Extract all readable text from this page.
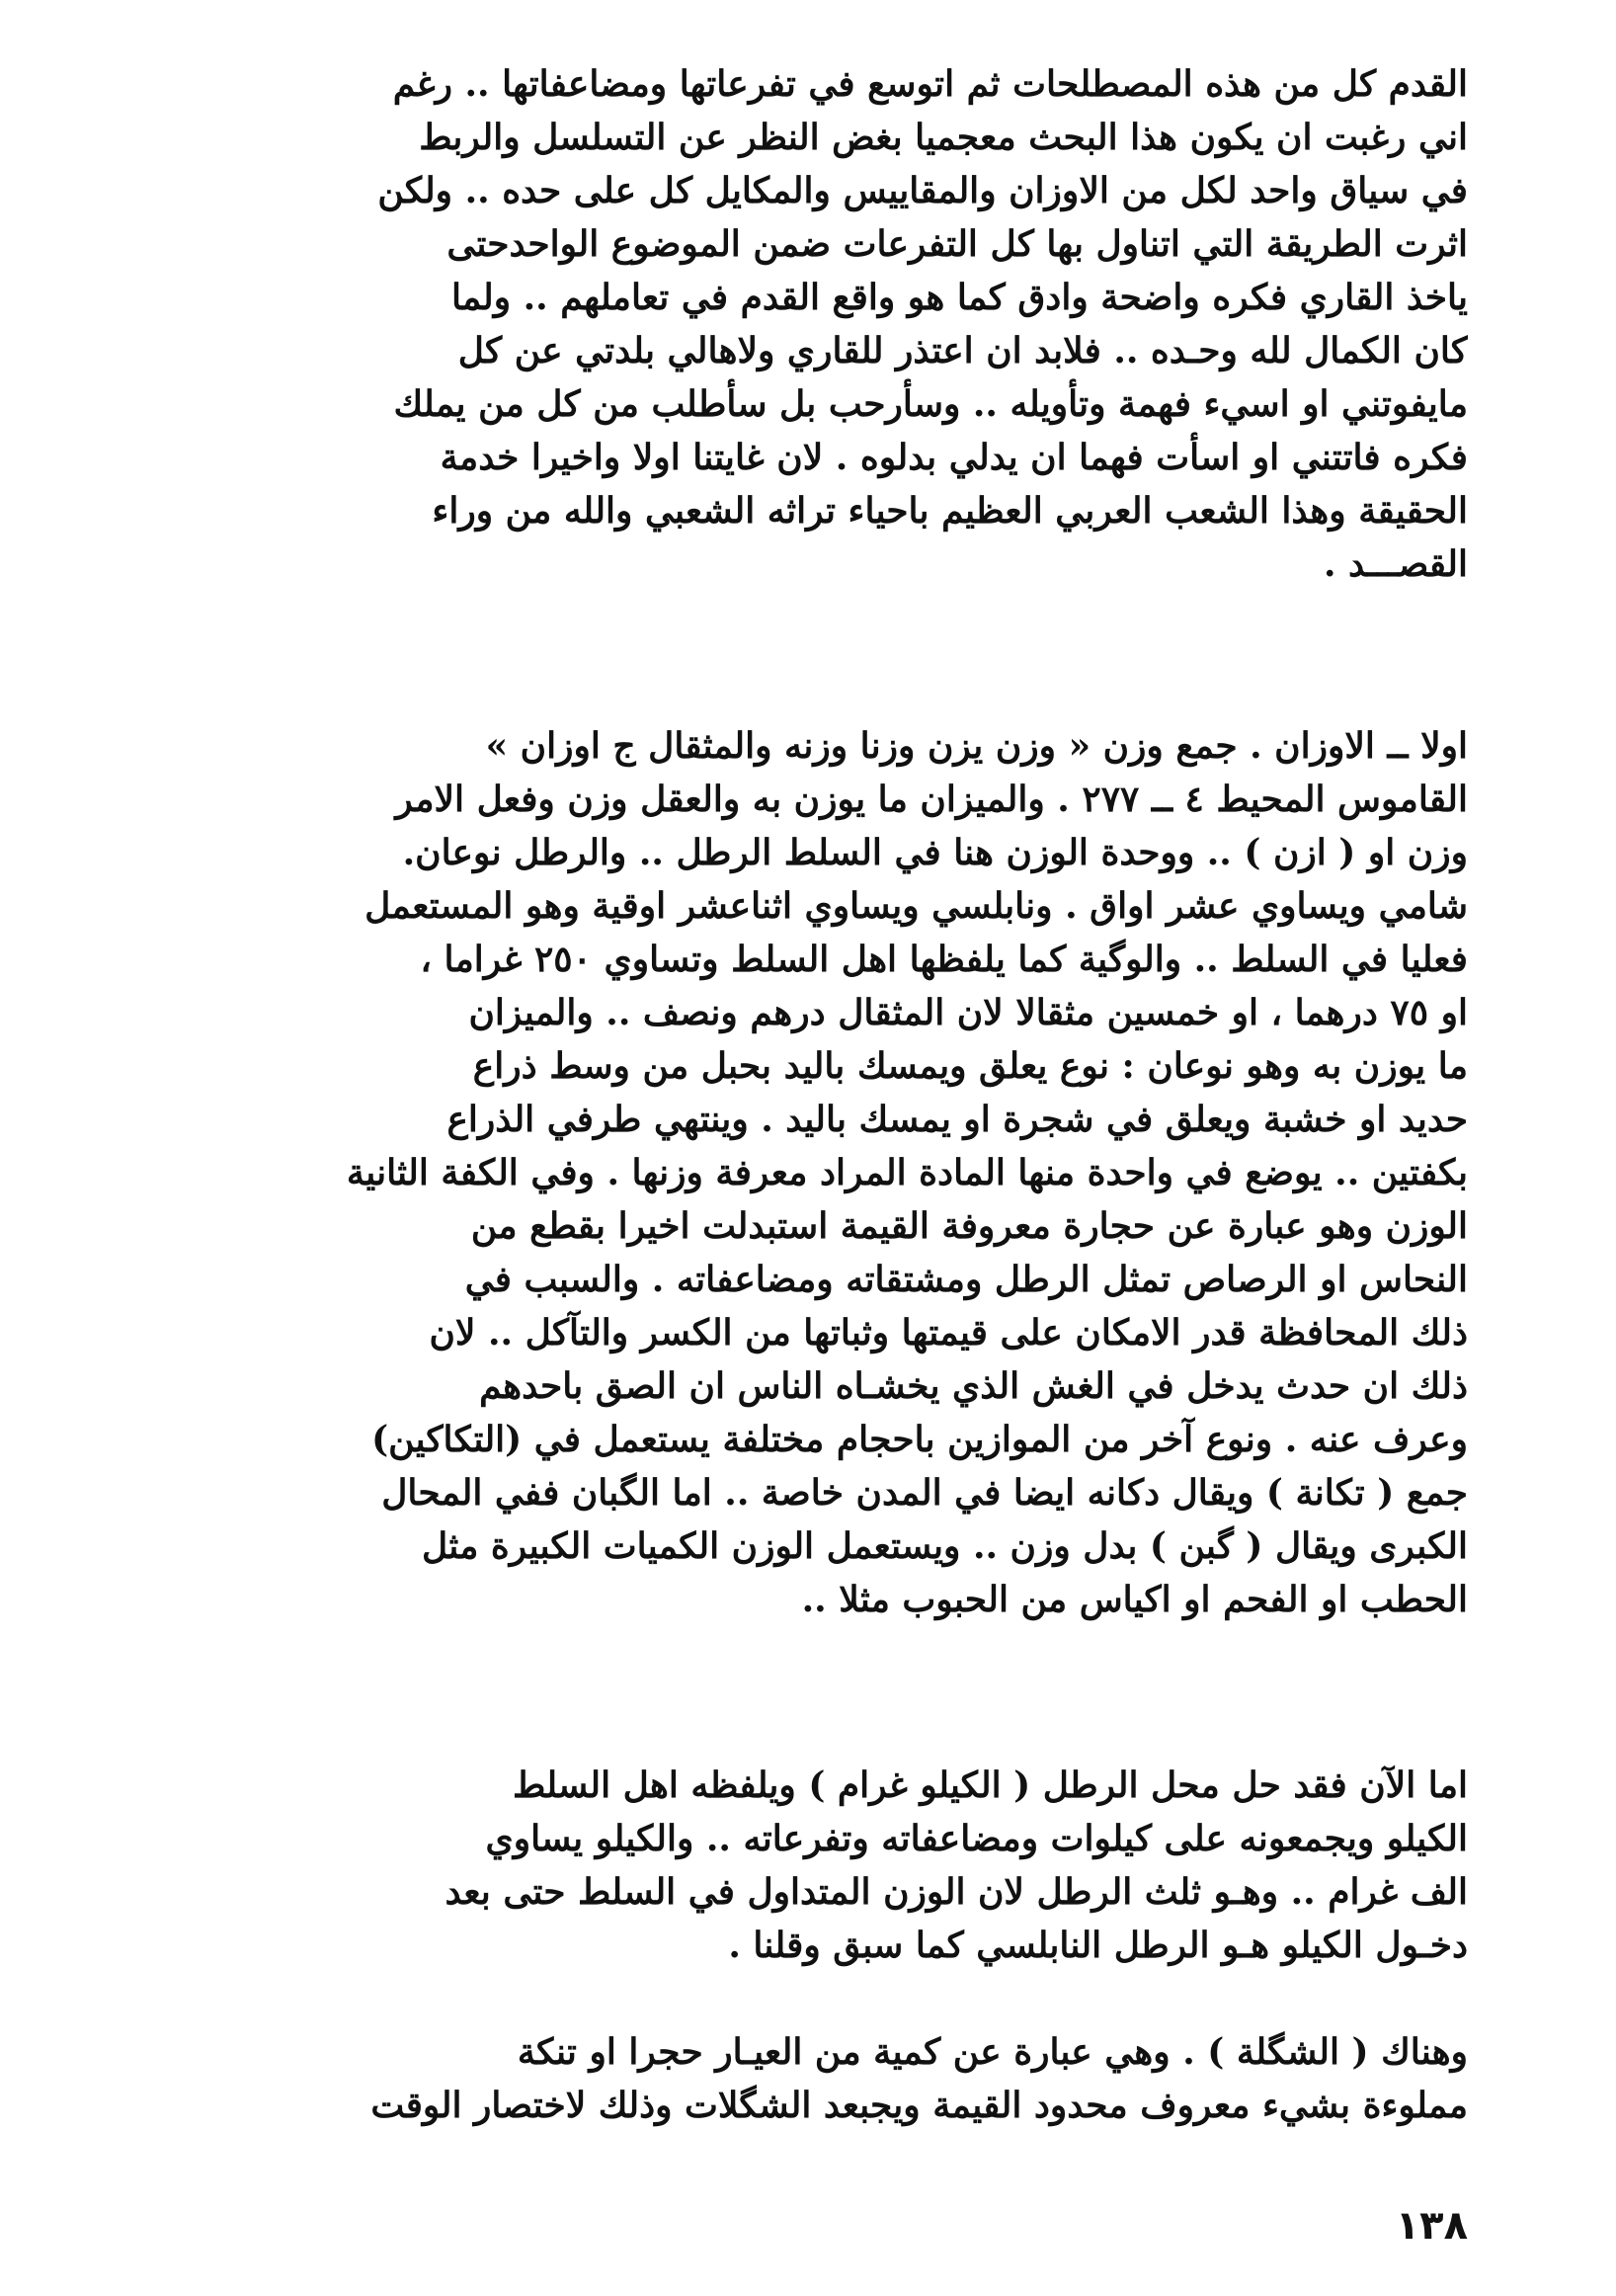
القدم كل من هذه المصطلحات ثم اتوسع في تفرعاتها ومضاعفاتها .. رغم
اني رغبت ان يكون هذا البحث معجميا بغض النظر عن التسلسل والربط
في سياق واحد لكل من الاوزان والمقاييس والمكايل كل على حده .. ولكن
اثرت الطريقة التي اتناول بها كل التفرعات ضمن الموضوع الواحدحتى
ياخذ القاري فكره واضحة وادق كما هو واقع القدم في تعاملهم .. ولما
كان الكمال لله وحـده .. فلابد ان اعتذر للقاري ولاهالي بلدتي عن كل
مايفوتني او اسيء فهمة وتأويله .. وسأرحب بل سأطلب من كل من يملك
فكره فاتتني او اسأت فهما ان يدلي بدلوه . لان غايتنا اولا واخيرا خدمة
الحقيقة وهذا الشعب العربي العظيم باحياء تراثه الشعبي والله من وراء
القصـــد .
اولا ــ الاوزان . جمع وزن « وزن يزن وزنا وزنه والمثقال ج اوزان »
القاموس المحيط ٤ ــ ٢٧٧ . والميزان ما يوزن به والعقل وزن وفعل الامر
وزن او ( ازن ) .. ووحدة الوزن هنا في السلط الرطل .. والرطل نوعان.
شامي ويساوي عشر اواق . ونابلسي ويساوي اثناعشر اوقية وهو المستعمل
فعليا في السلط .. والوگية كما يلفظها اهل السلط وتساوي ٢٥٠ غراما ،
او ٧٥ درهما ، او خمسين مثقالا لان المثقال درهم ونصف .. والميزان
ما يوزن به وهو نوعان : نوع يعلق ويمسك باليد بحبل من وسط ذراع
حديد او خشبة ويعلق في شجرة او يمسك باليد . وينتهي طرفي الذراع
بكفتين .. يوضع في واحدة منها المادة المراد معرفة وزنها . وفي الكفة الثانية
الوزن وهو عبارة عن حجارة معروفة القيمة استبدلت اخيرا بقطع من
النحاس او الرصاص تمثل الرطل ومشتقاته ومضاعفاته . والسبب في
ذلك المحافظة قدر الامكان على قيمتها وثباتها من الكسر والتآكل .. لان
ذلك ان حدث يدخل في الغش الذي يخشـاه الناس ان الصق باحدهم
وعرف عنه . ونوع آخر من الموازين باحجام مختلفة يستعمل في (التكاكين)
جمع ( تكانة ) ويقال دكانه ايضا في المدن خاصة .. اما الگبان ففي المحال
الكبرى ويقال ( گبن ) بدل وزن .. ويستعمل الوزن الكميات الكبيرة مثل
الحطب او الفحم او اكياس من الحبوب مثلا ..
اما الآن فقد حل محل الرطل ( الكيلو غرام ) ويلفظه اهل السلط
الكيلو ويجمعونه على كيلوات ومضاعفاته وتفرعاته .. والكيلو يساوي
الف غرام .. وهـو ثلث الرطل لان الوزن المتداول في السلط حتى بعد
دخـول الكيلو هـو الرطل النابلسي كما سبق وقلنا .
وهناك ( الشگلة ) . وهي عبارة عن كمية من العيـار حجرا او تنكة
مملوءة بشيء معروف محدود القيمة ويجبعد الشگلات وذلك لاختصار الوقت
١٣٨
